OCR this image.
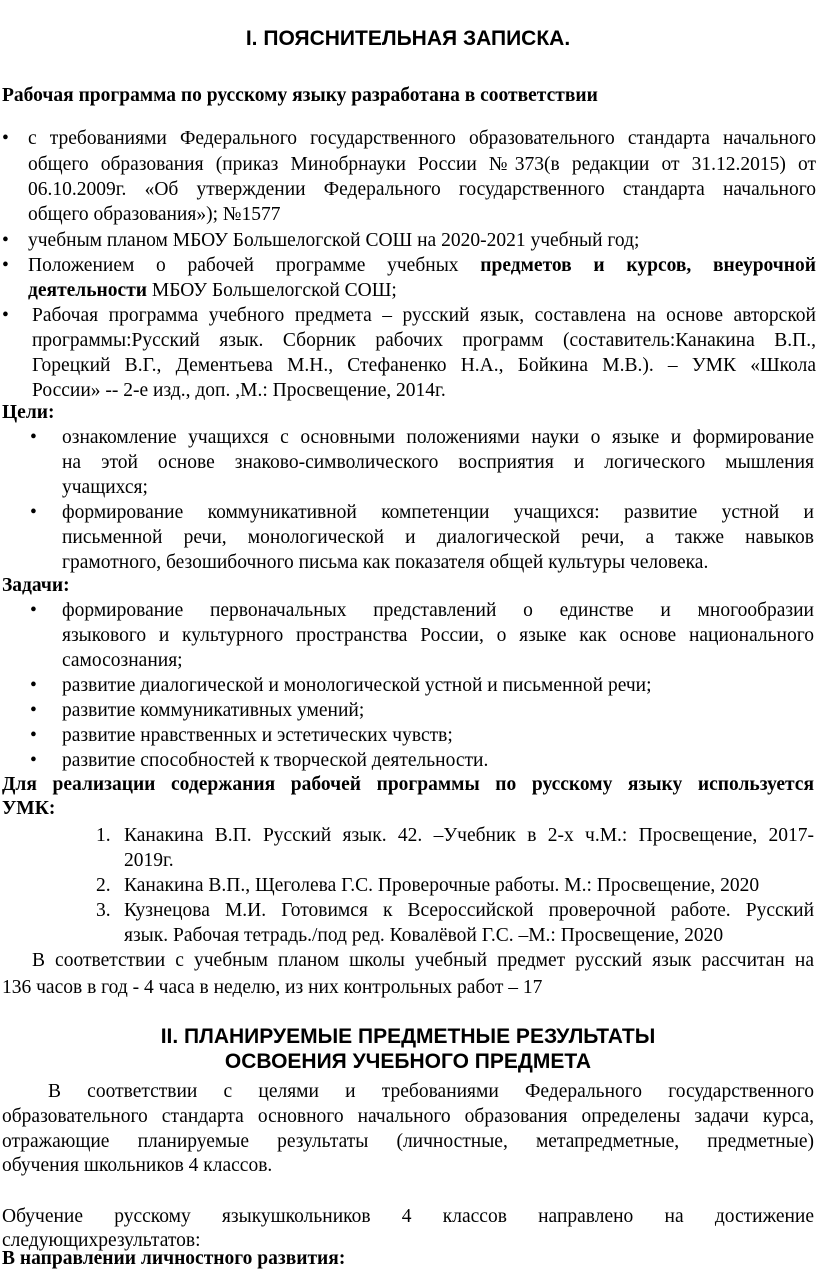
I. ПОЯСНИТЕЛЬНАЯ ЗАПИСКА.
Рабочая программа по русскому языку разработана в соответствии
• с требованиями Федерального государственного образовательного стандарта начального
общего образования (приказ Минобрнауки России №373(в редакции от 31.12.2015) от
06.10.2009г. «Об утверждении Федерального государственного стандарта начального
общего образования»); №1577
• учебным планом МБОУ Большелогской СОШ на 2020-2021 учебный год;
• Положением о рабочей программе учебных предметов и курсов, внеурочной
деятельности МБОУ Большелогской СОШ;
• Рабочая программа учебного предмета – русский язык, составлена на основе авторской
программы:Русский язык. Сборник рабочих программ (составитель:Канакина В.П.,
Горецкий В.Г., Дементьева М.Н., Стефаненко Н.А., Бойкина М.В.). – УМК «Школа
России» -- 2-е изд., доп. ,М.: Просвещение, 2014г.
Цели:
• ознакомление учащихся с основными положениями науки о языке и формирование
на этой основе знаково-символического восприятия и логического мышления
учащихся;
• формирование коммуникативной компетенции учащихся: развитие устной и
письменной речи, монологической и диалогической речи, а также навыков
грамотного, безошибочного письма как показателя общей культуры человека.
Задачи:
• формирование первоначальных представлений о единстве и многообразии
языкового и культурного пространства России, о языке как основе национального
самосознания;
• развитие диалогической и монологической устной и письменной речи;
• развитие коммуникативных умений;
• развитие нравственных и эстетических чувств;
• развитие способностей к творческой деятельности.
Для реализации содержания рабочей программы по русскому языку используется
УМК:
1. Канакина В.П. Русский язык. 42. –Учебник в 2-х ч.М.: Просвещение, 2017-
2019г.
2. Канакина В.П., Щеголева Г.С. Проверочные работы. М.: Просвещение, 2020
3. Кузнецова М.И. Готовимся к Всероссийской проверочной работе. Русский
язык. Рабочая тетрадь./под ред. Ковалёвой Г.С. –М.: Просвещение, 2020
В соответствии с учебным планом школы учебный предмет русский язык рассчитан на
136 часов в год - 4 часа в неделю, из них контрольных работ – 17
II. ПЛАНИРУЕМЫЕ ПРЕДМЕТНЫЕ РЕЗУЛЬТАТЫ
ОСВОЕНИЯ УЧЕБНОГО ПРЕДМЕТА
В соответствии с целями и требованиями Федерального государственного
образовательного стандарта основного начального образования определены задачи курса,
отражающие планируемые результаты (личностные, метапредметные, предметные)
обучения школьников 4 классов.
Обучение русскому языкушкольников 4 классов направлено на достижение
следующихрезультатов:
В направлении личностного развития:
